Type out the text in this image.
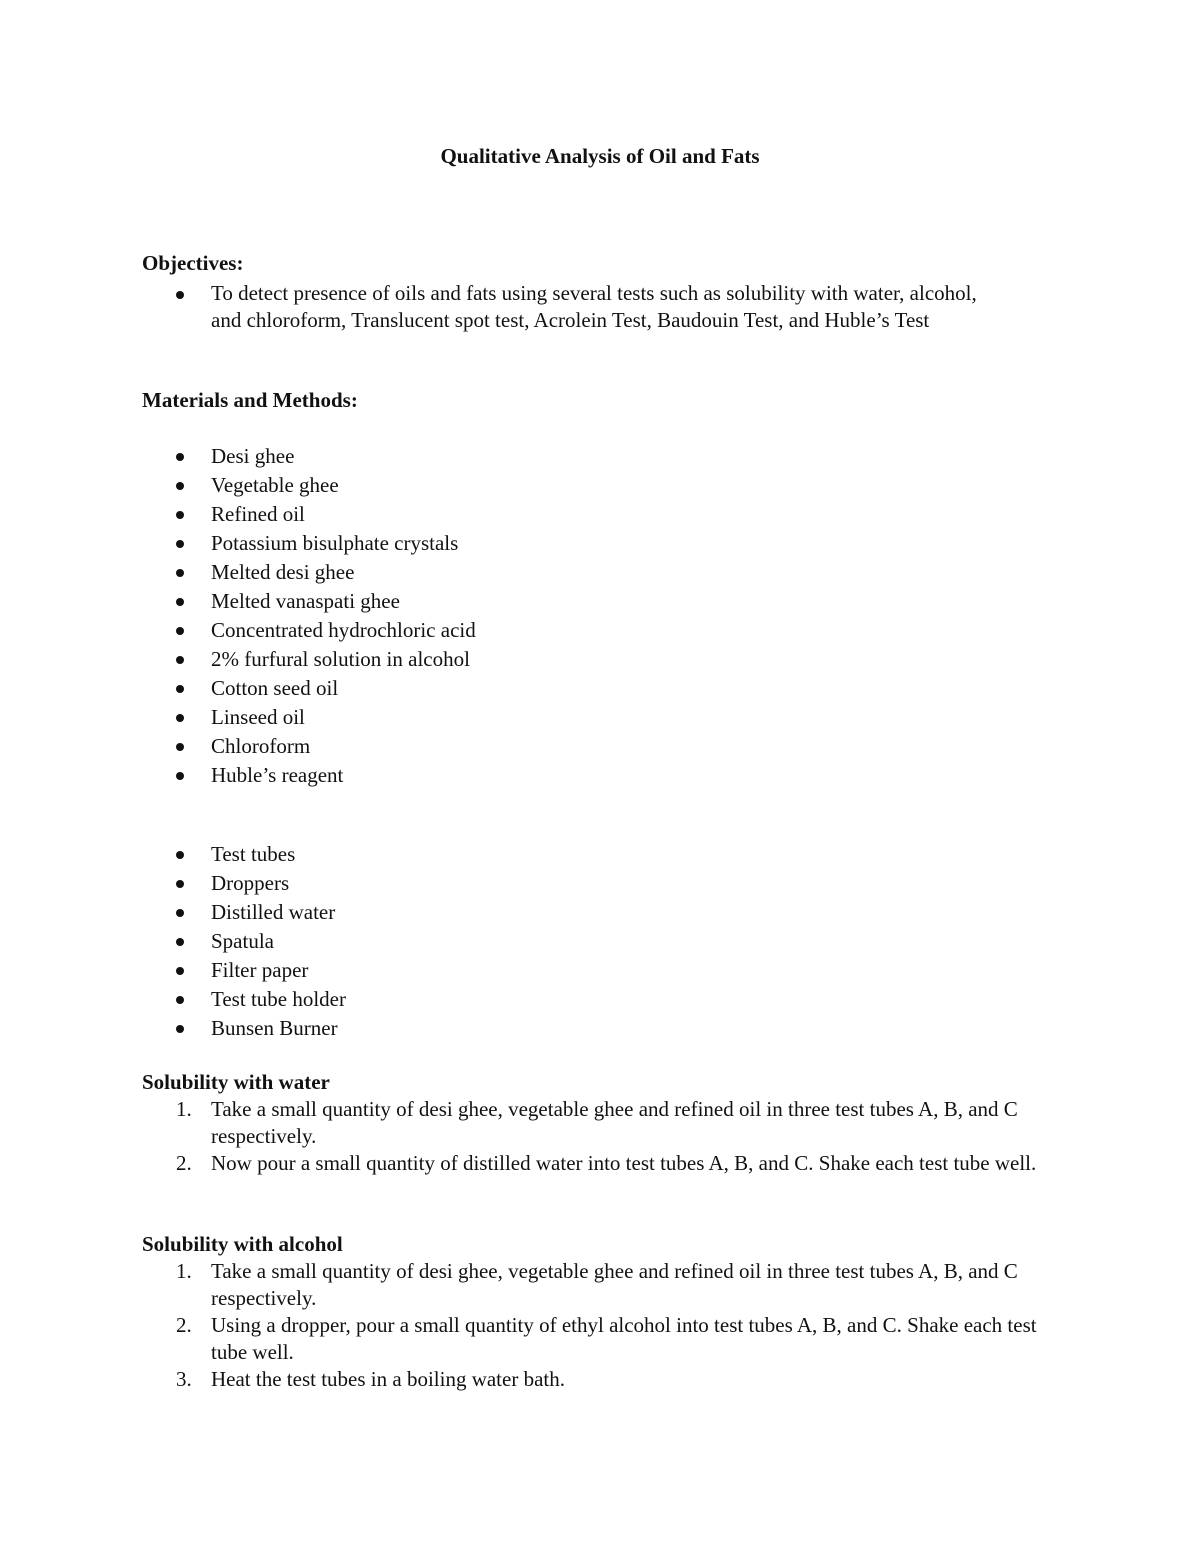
Qualitative Analysis of Oil and Fats
Objectives:
To detect presence of oils and fats using several tests such as solubility with water, alcohol, and chloroform, Translucent spot test, Acrolein Test, Baudouin Test, and Huble’s Test
Materials and Methods:
Desi ghee
Vegetable ghee
Refined oil
Potassium bisulphate crystals
Melted desi ghee
Melted vanaspati ghee
Concentrated hydrochloric acid
2% furfural solution in alcohol
Cotton seed oil
Linseed oil
Chloroform
Huble’s reagent
Test tubes
Droppers
Distilled water
Spatula
Filter paper
Test tube holder
Bunsen Burner
Solubility with water
1. Take a small quantity of desi ghee, vegetable ghee and refined oil in three test tubes A, B, and C respectively.
2. Now pour a small quantity of distilled water into test tubes A, B, and C. Shake each test tube well.
Solubility with alcohol
1. Take a small quantity of desi ghee, vegetable ghee and refined oil in three test tubes A, B, and C respectively.
2. Using a dropper, pour a small quantity of ethyl alcohol into test tubes A, B, and C. Shake each test tube well.
3. Heat the test tubes in a boiling water bath.
